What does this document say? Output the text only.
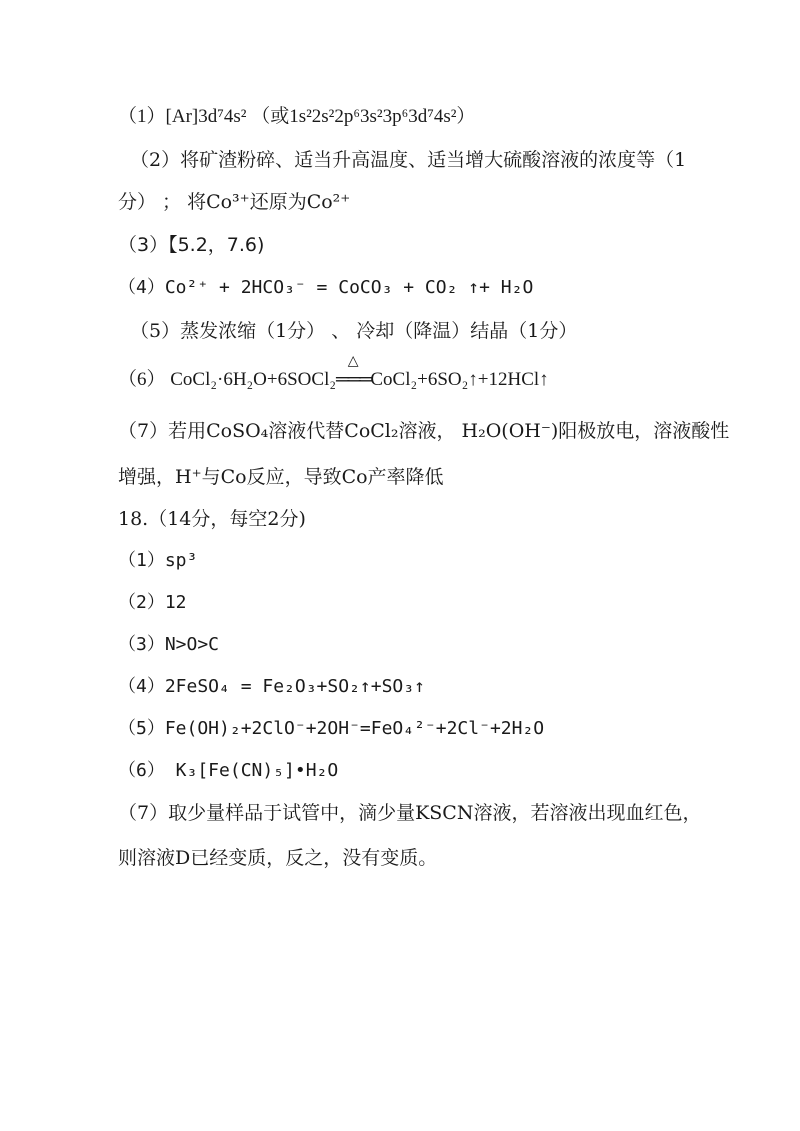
（1）[Ar]3d⁷4s² （或1s²2s²2p⁶3s²3p⁶3d⁷4s²）
（2）将矿渣粉碎、适当升高温度、适当增大硫酸溶液的浓度等（1
分） ； 将Co³⁺还原为Co²⁺
（3）【5.2，7.6)
（4）Co²⁺ + 2HCO₃⁻ = CoCO₃ + CO₂ ↑+ H₂O
（5）蒸发浓缩（1分） 、 冷却（降温）结晶（1分）
（6） CoCl₂·6H₂O+6SOCl₂
△
═══CoCl₂+6SO₂↑+12HCl↑
（7）若用CoSO₄溶液代替CoCl₂溶液， H₂O(OH⁻)阳极放电，溶液酸性
增强，H⁺与Co反应，导致Co产率降低
18.（14分，每空2分)
（1）sp³
（2）12
（3）N>O>C
（4）2FeSO₄ = Fe₂O₃+SO₂↑+SO₃↑
（5）Fe(OH)₂+2ClO⁻+2OH⁻=FeO₄²⁻+2Cl⁻+2H₂O
（6） K₃[Fe(CN)₅]•H₂O
（7）取少量样品于试管中，滴少量KSCN溶液，若溶液出现血红色，
则溶液D已经变质，反之，没有变质。
